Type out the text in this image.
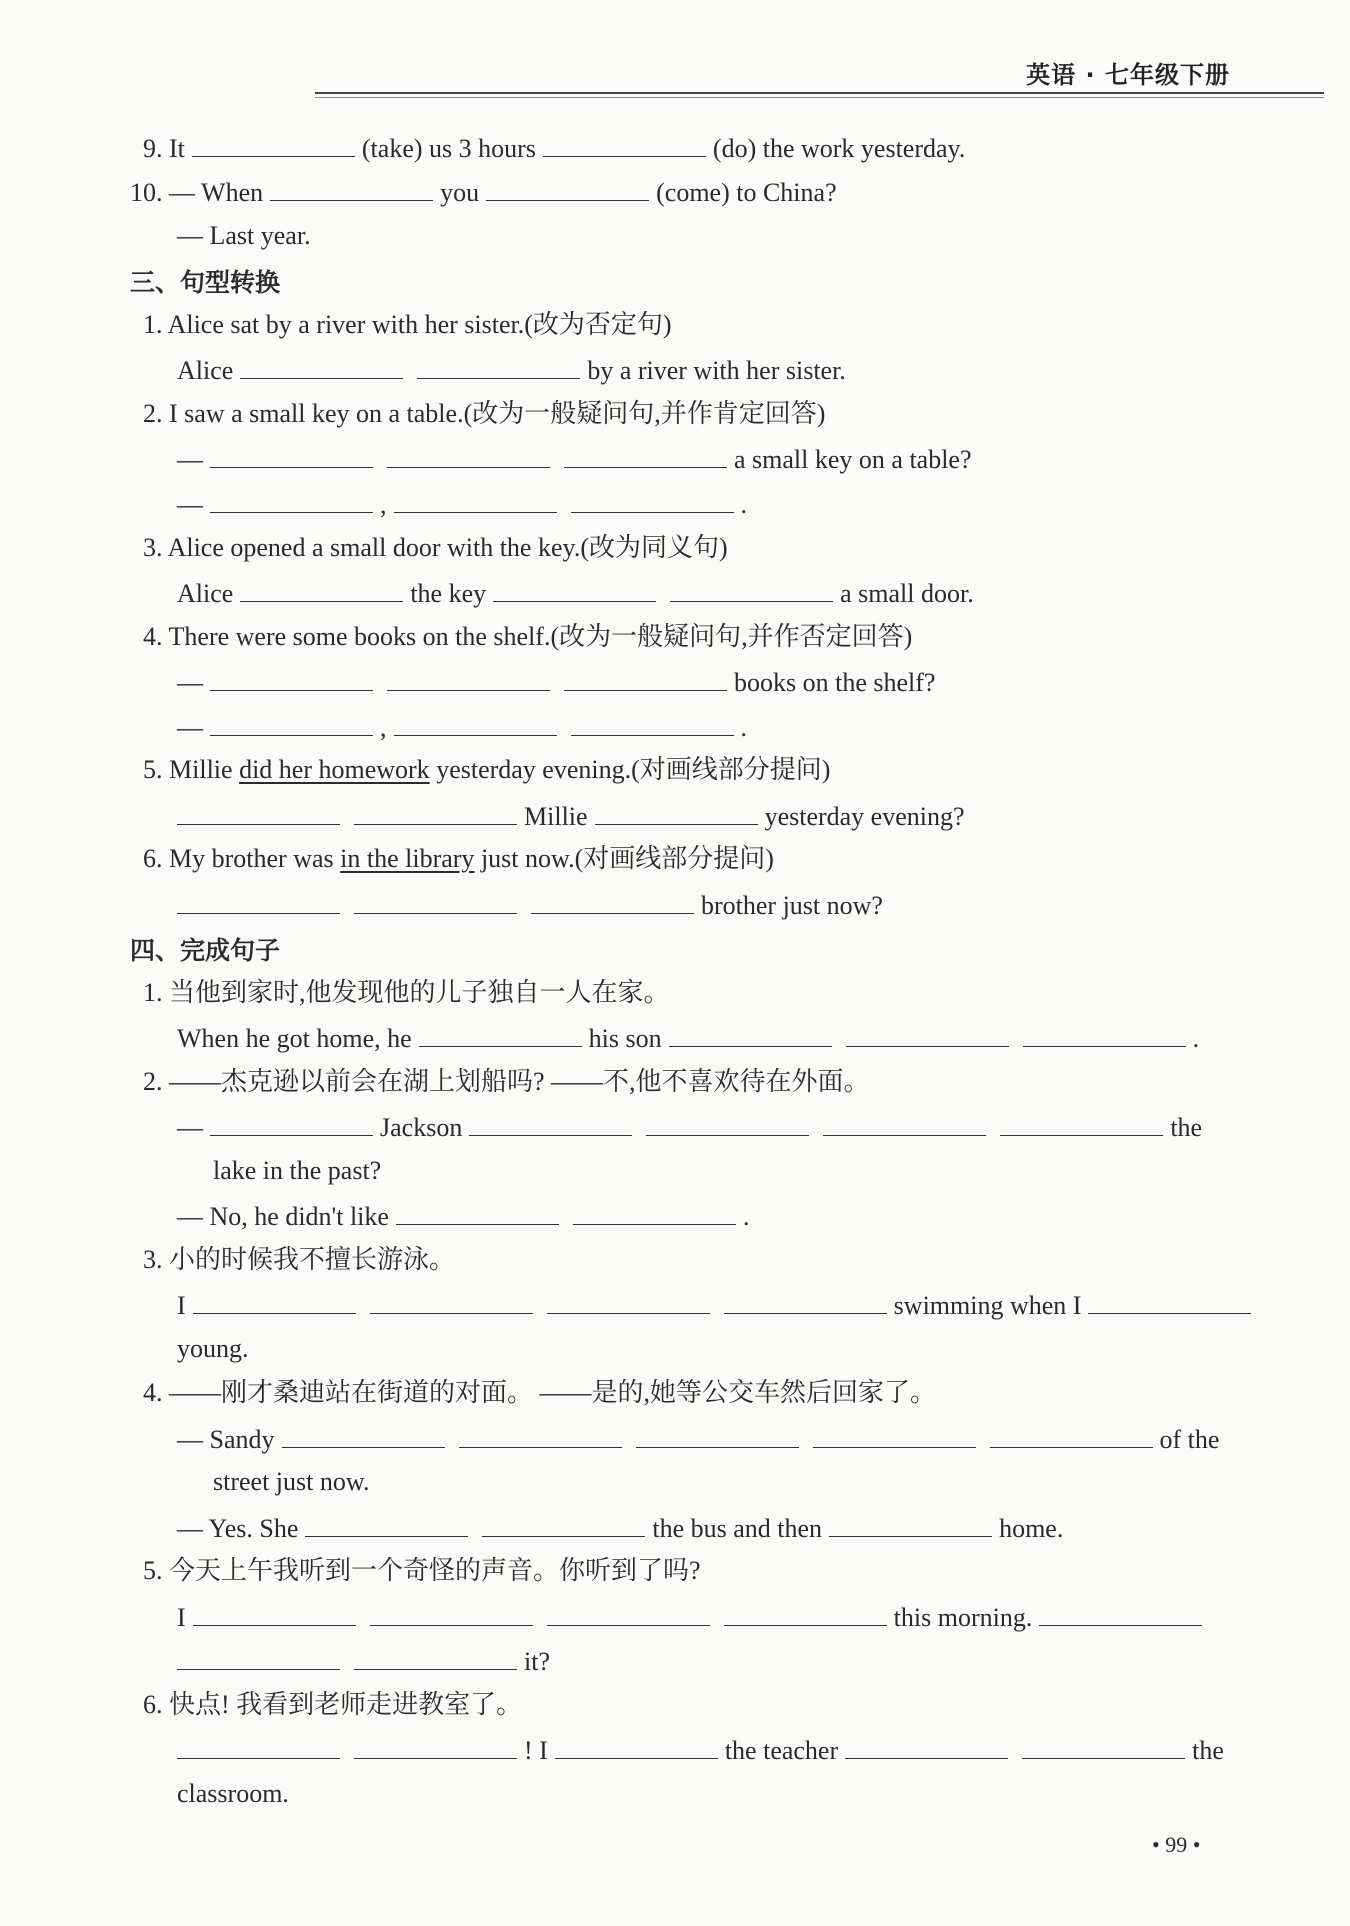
英语 · 七年级下册
9. It	(take) us 3 hours	(do) the work yesterday.
10. — When	you	(come) to China?
— Last year.
三、句型转换
1. Alice sat by a river with her sister.(改为否定句)
Alice	by a river with her sister.
2. I saw a small key on a table.(改为一般疑问句,并作肯定回答)
—	a small key on a table?
—	,	.
3. Alice opened a small door with the key.(改为同义句)
Alice	the key	a small door.
4. There were some books on the shelf.(改为一般疑问句,并作否定回答)
—	books on the shelf?
—	,	.
5. Millie did her homework yesterday evening.(对画线部分提问)
Millie	yesterday evening?
6. My brother was in the library just now.(对画线部分提问)
brother just now?
四、完成句子
1. 当他到家时,他发现他的儿子独自一人在家。
When he got home, he	his son	.
2. ——杰克逊以前会在湖上划船吗? ——不,他不喜欢待在外面。
—	Jackson	the
lake in the past?
— No, he didn't like	.
3. 小的时候我不擅长游泳。
I	swimming when I
young.
4. ——刚才桑迪站在街道的对面。 ——是的,她等公交车然后回家了。
— Sandy	of the
street just now.
— Yes. She	the bus and then	home.
5. 今天上午我听到一个奇怪的声音。你听到了吗?
I	this morning.
it?
6. 快点! 我看到老师走进教室了。
! I	the teacher	the
classroom.
• 99 •
